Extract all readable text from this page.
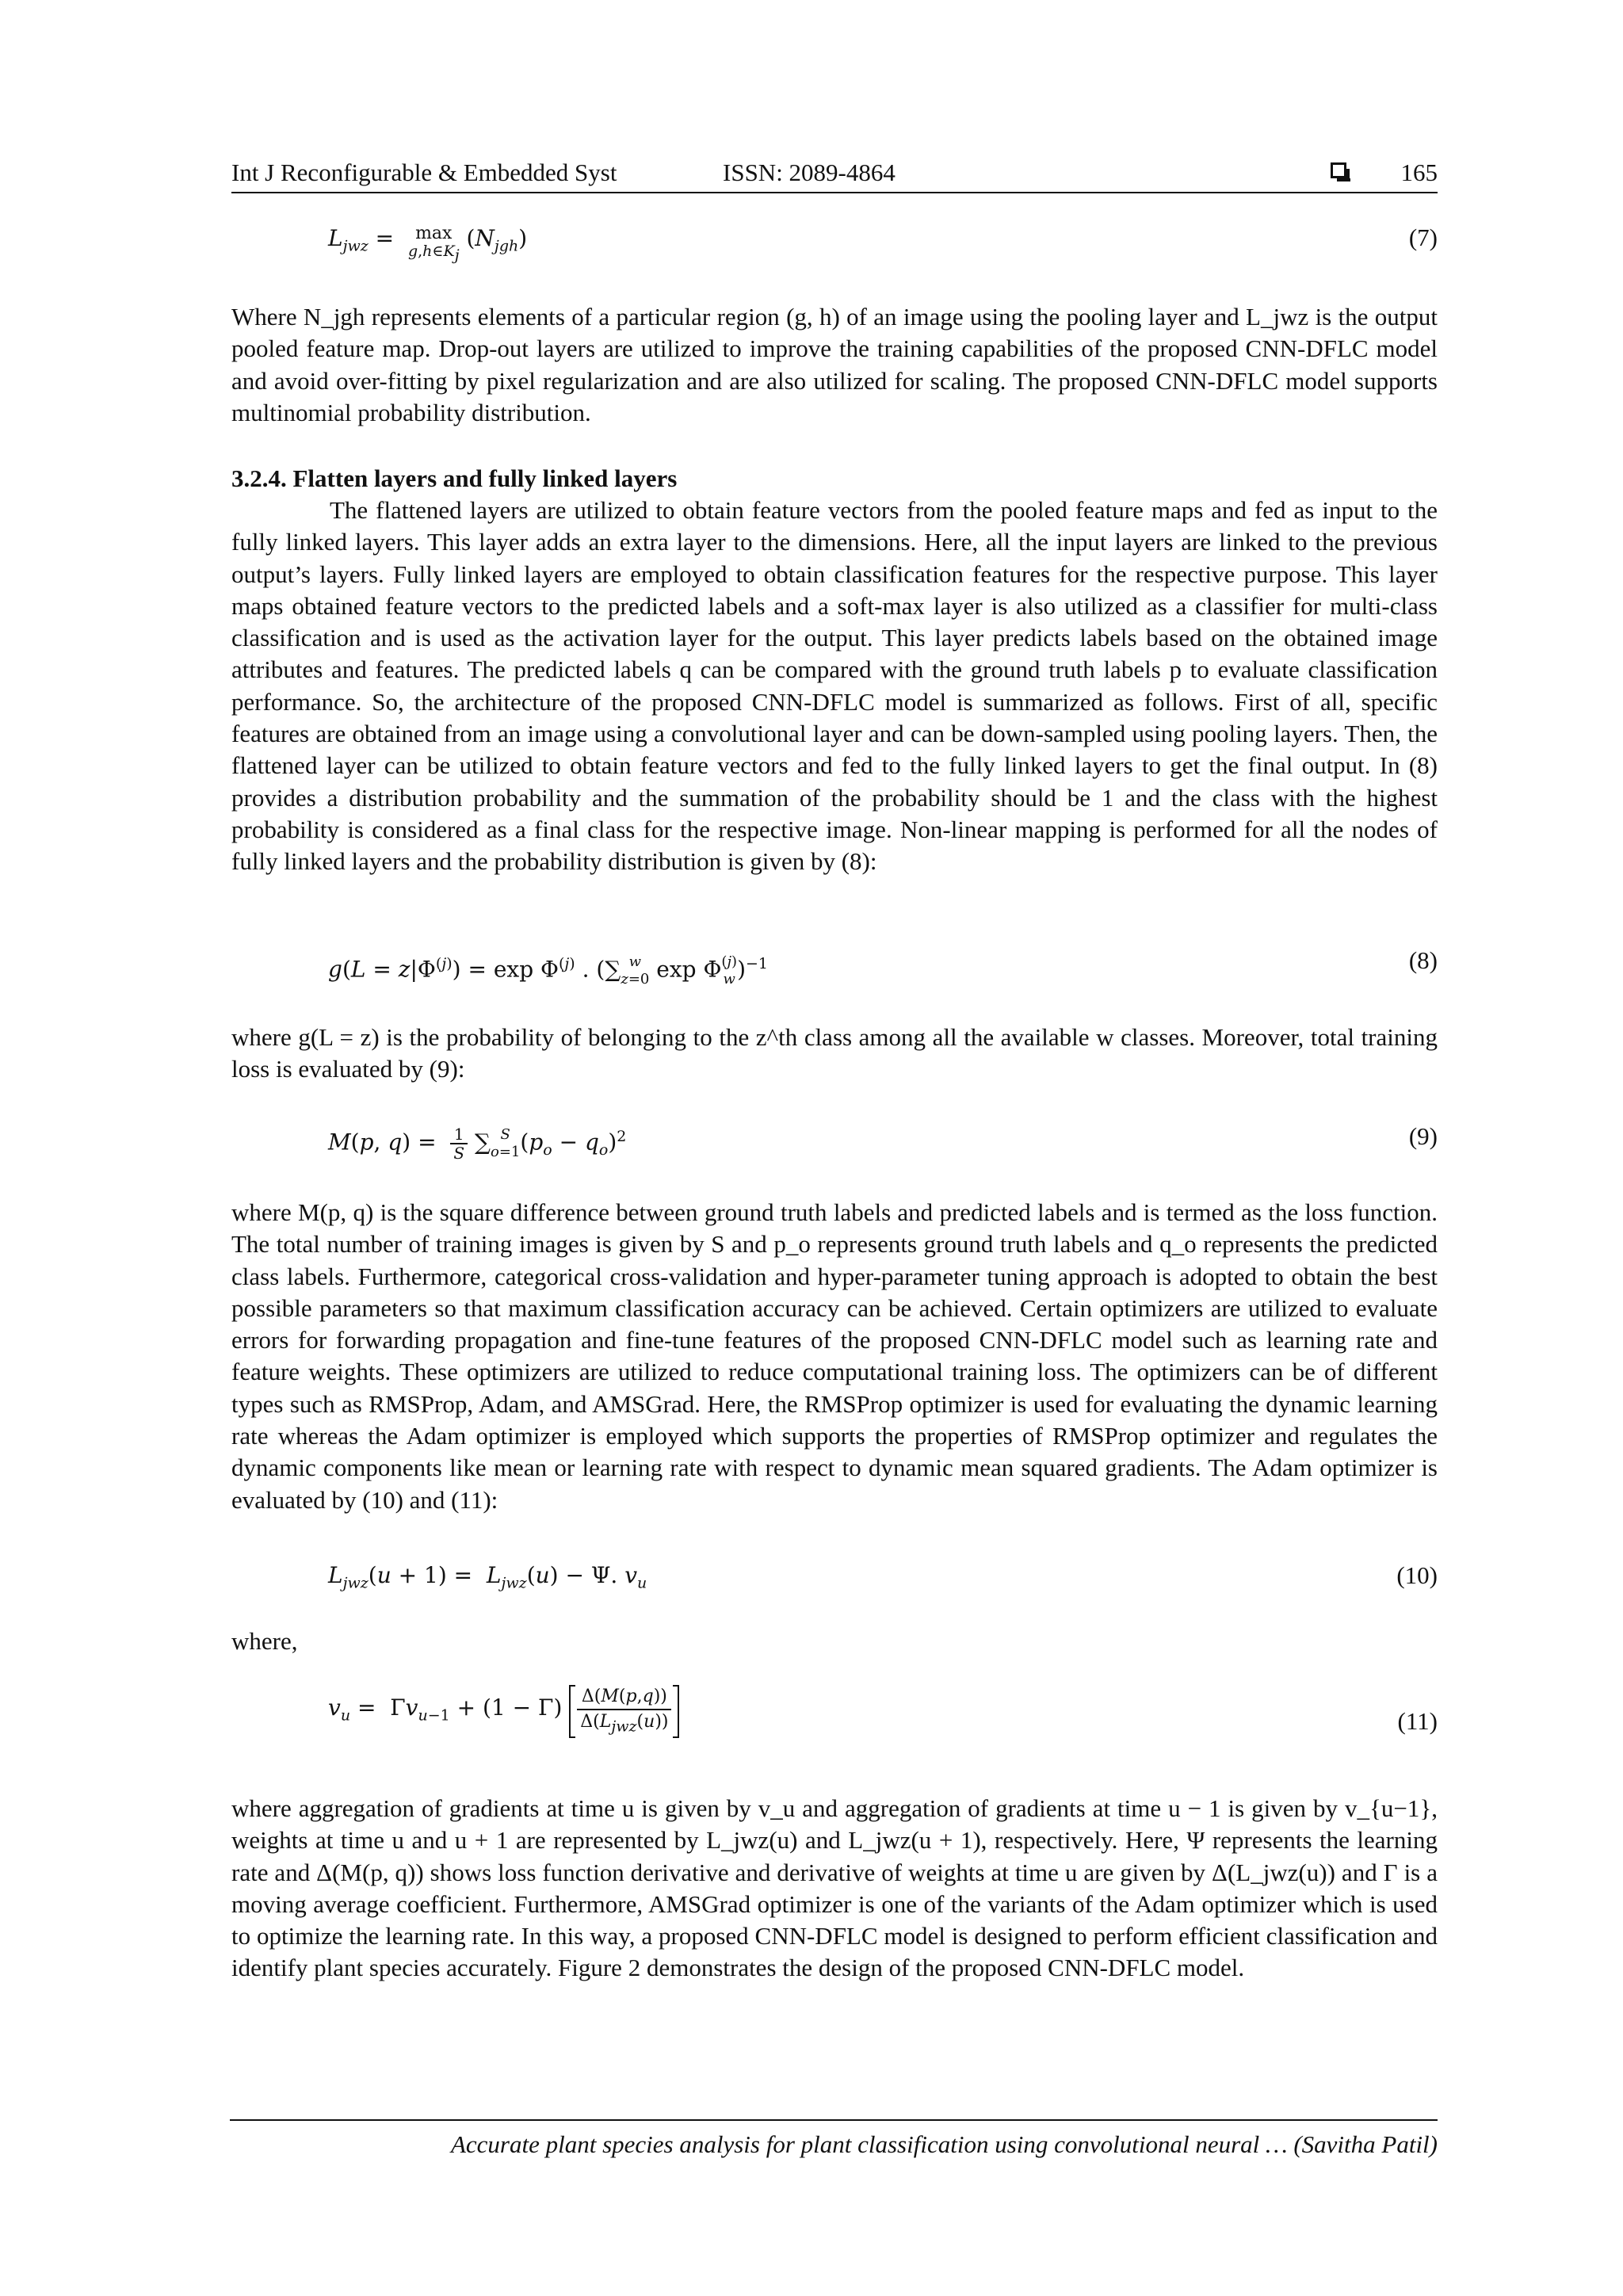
Int J Reconfigurable & Embedded Syst	ISSN: 2089-4864	165
$L_{jwz} = \max$
$g,h\in K_j$ $(N_{jgh})$	(7)

Where N_jgh represents elements of a particular region (g, h) of an image using the pooling layer and L_jwz is the output pooled feature map. Drop-out layers are utilized to improve the training capabilities of the proposed CNN-DFLC model and avoid over-fitting by pixel regularization and are also utilized for scaling. The proposed CNN-DFLC model supports multinomial probability distribution.

3.2.4. Flatten layers and fully linked layers

The flattened layers are utilized to obtain feature vectors from the pooled feature maps and fed as input to the fully linked layers. This layer adds an extra layer to the dimensions. Here, all the input layers are linked to the previous output’s layers. Fully linked layers are employed to obtain classification features for the respective purpose. This layer maps obtained feature vectors to the predicted labels and a soft-max layer is also utilized as a classifier for multi-class classification and is used as the activation layer for the output. This layer predicts labels based on the obtained image attributes and features. The predicted labels q can be compared with the ground truth labels p to evaluate classification performance. So, the architecture of the proposed CNN-DFLC model is summarized as follows. First of all, specific features are obtained from an image using a convolutional layer and can be down-sampled using pooling layers. Then, the flattened layer can be utilized to obtain feature vectors and fed to the fully linked layers to get the final output. In (8) provides a distribution probability and the summation of the probability should be 1 and the class with the highest probability is considered as a final class for the respective image. Non-linear mapping is performed for all the nodes of fully linked layers and the probability distribution is given by (8):

$g(L = z|\Phi^{(j)}) = \exp \Phi^{(j)}$ . (∑ w
z=0 exp Φ(j)
w)$^{-1}$	(8)

where g(L = z) is the probability of belonging to the z^th class among all the available w classes. Moreover, total training loss is evaluated by (9):

M(p, $q) = \frac{1}{S}$ ∑ S
$o=1(p_o - q_o)^2$	(9)

where M(p, q) is the square difference between ground truth labels and predicted labels and is termed as the loss function. The total number of training images is given by S and p_o represents ground truth labels and q_o represents the predicted class labels. Furthermore, categorical cross-validation and hyper-parameter tuning approach is adopted to obtain the best possible parameters so that maximum classification accuracy can be achieved. Certain optimizers are utilized to evaluate errors for forwarding propagation and fine-tune features of the proposed CNN-DFLC model such as learning rate and feature weights. These optimizers are utilized to reduce computational training loss. The optimizers can be of different types such as RMSProp, Adam, and AMSGrad. Here, the RMSProp optimizer is used for evaluating the dynamic learning rate whereas the Adam optimizer is employed which supports the properties of RMSProp optimizer and regulates the dynamic components like mean or learning rate with respect to dynamic mean squared gradients. The Adam optimizer is evaluated by (10) and (11):

$L_{jwz}(u + 1) = L_{jwz}(u) - \Psi$. $v_u$	(10)
where,
$v_u = \Gamma v_{u-1} + (1 - \Gamma) \frac{\Delta(M(p,q))}{\Delta(L_{jwz}(u))}$	(11)

where aggregation of gradients at time u is given by v_u and aggregation of gradients at time u − 1 is given by v_{u−1}, weights at time u and u + 1 are represented by L_jwz(u) and L_jwz(u + 1), respectively. Here, Ψ represents the learning rate and Δ(M(p, q)) shows loss function derivative and derivative of weights at time u are given by Δ(L_jwz(u)) and Γ is a moving average coefficient. Furthermore, AMSGrad optimizer is one of the variants of the Adam optimizer which is used to optimize the learning rate. In this way, a proposed CNN-DFLC model is designed to perform efficient classification and identify plant species accurately. Figure 2 demonstrates the design of the proposed CNN-DFLC model.

Accurate plant species analysis for plant classification using convolutional neural … (Savitha Patil)
